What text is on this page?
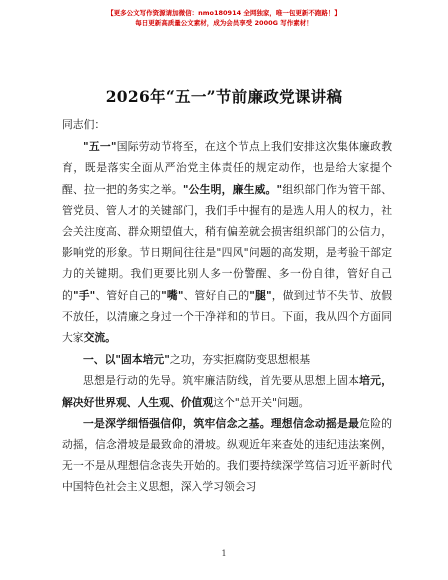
【更多公文写作资源请加微信：nmo180914 全网独家，唯一包更新不跑路！】
每日更新高质量公文素材，成为会员享受 2000G 写作素材！
2026年“五一”节前廉政党课讲稿

同志们：

"五一"国际劳动节将至，在这个节点上我们安排这次集体廉政教育，既是落实全面从严治党主体责任的规定动作，也是给大家提个醒、拉一把的务实之举。"公生明，廉生威。"组织部门作为管干部、管党员、管人才的关键部门，我们手中握有的是选人用人的权力，社会关注度高、群众期望值大，稍有偏差就会损害组织部门的公信力，影响党的形象。节日期间往往是"四风"问题的高发期，是考验干部定力的关键期。我们更要比别人多一份警醒、多一份自律，管好自己的"手"、管好自己的"嘴"、管好自己的"腿"，做到过节不失节、放假不放任，以清廉之身过一个干净祥和的节日。下面，我从四个方面同大家交流。

一、以"固本培元"之功，夯实拒腐防变思想根基

思想是行动的先导。筑牢廉洁防线，首先要从思想上固本培元，解决好世界观、人生观、价值观这个"总开关"问题。

一是深学细悟强信仰，筑牢信念之基。理想信念动摇是最危险的动摇，信念滑坡是最致命的滑坡。纵观近年来查处的违纪违法案例，无一不是从理想信念丧失开始的。我们要持续深学笃信习近平新时代中国特色社会主义思想，深入学习领会习

1
